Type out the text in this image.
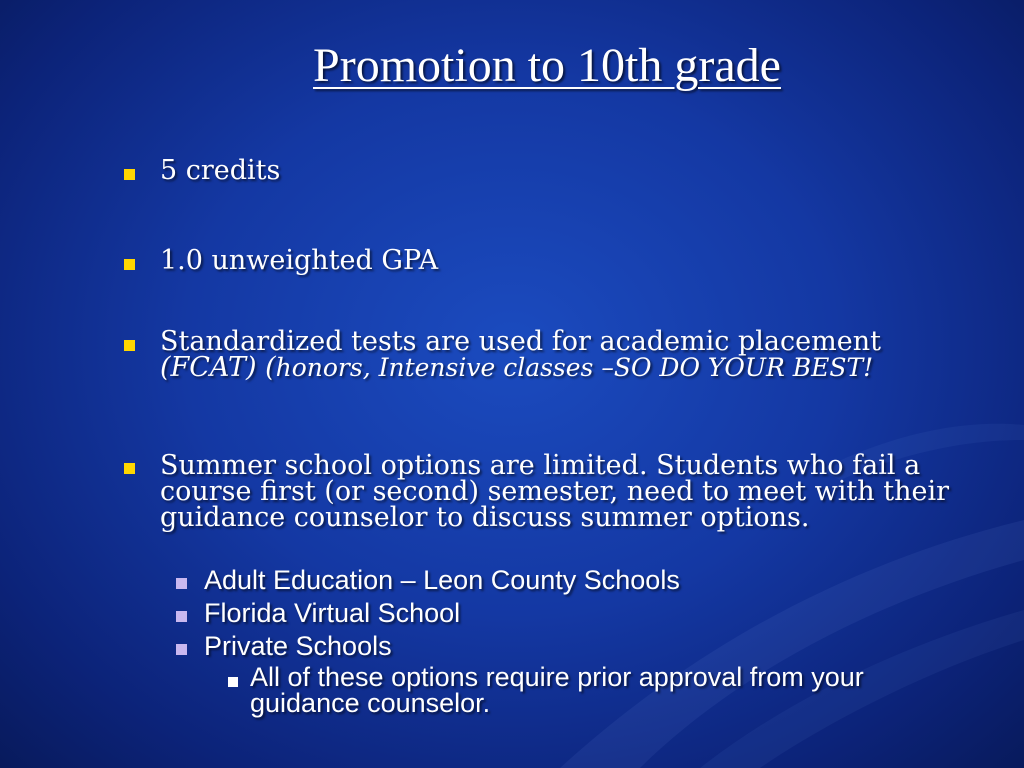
Promotion to 10th grade
5 credits
1.0 unweighted GPA
Standardized tests are used for academic placement (FCAT) (honors, Intensive classes –SO DO YOUR BEST!
Summer school options are limited. Students who fail a course first (or second) semester, need to meet with their guidance counselor to discuss summer options.
Adult Education – Leon County Schools
Florida Virtual School
Private Schools
All of these options require prior approval from your guidance counselor.
